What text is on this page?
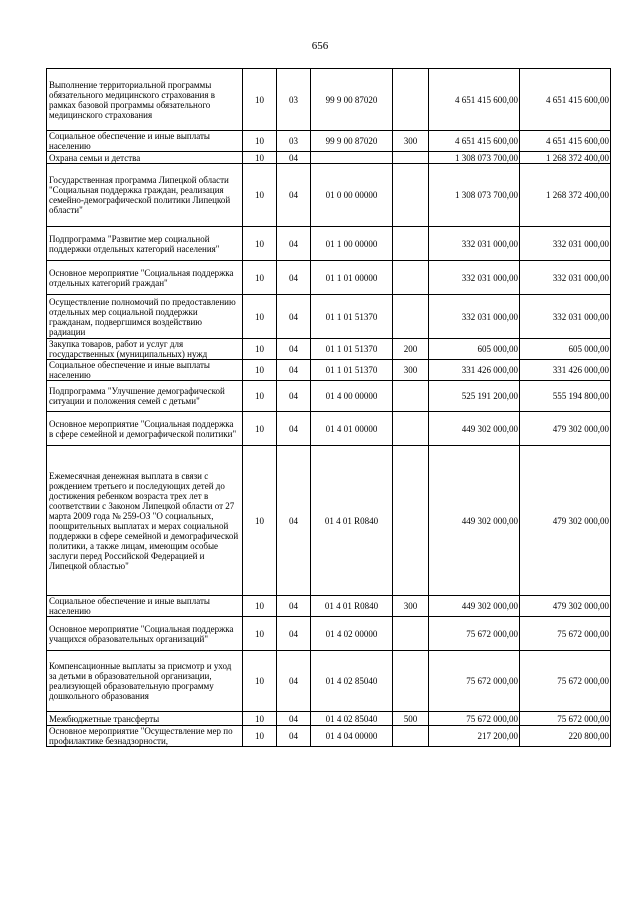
656
Выполнение территориальной программы обязательного медицинского страхования в рамках базовой программы обязательного медицинского страхования	10	03	99 9 00 87020		4 651 415 600,00	4 651 415 600,00
Социальное обеспечение и иные выплаты населению	10	03	99 9 00 87020	300	4 651 415 600,00	4 651 415 600,00
Охрана семьи и детства	10	04			1 308 073 700,00	1 268 372 400,00
Государственная программа Липецкой области "Социальная поддержка граждан, реализация семейно-демографической политики Липецкой области"	10	04	01 0 00 00000		1 308 073 700,00	1 268 372 400,00
Подпрограмма "Развитие мер социальной поддержки отдельных категорий населения"	10	04	01 1 00 00000		332 031 000,00	332 031 000,00
Основное мероприятие "Социальная поддержка отдельных категорий граждан"	10	04	01 1 01 00000		332 031 000,00	332 031 000,00
Осуществление полномочий по предоставлению отдельных мер социальной поддержки гражданам, подвергшимся воздействию радиации	10	04	01 1 01 51370		332 031 000,00	332 031 000,00
Закупка товаров, работ и услуг для государственных (муниципальных) нужд	10	04	01 1 01 51370	200	605 000,00	605 000,00
Социальное обеспечение и иные выплаты населению	10	04	01 1 01 51370	300	331 426 000,00	331 426 000,00
Подпрограмма "Улучшение демографической ситуации и положения семей с детьми"	10	04	01 4 00 00000		525 191 200,00	555 194 800,00
Основное мероприятие "Социальная поддержка в сфере семейной и демографической политики"	10	04	01 4 01 00000		449 302 000,00	479 302 000,00
Ежемесячная денежная выплата в связи с рождением третьего и последующих детей до достижения ребенком возраста трех лет в соответствии с Законом Липецкой области от 27 марта 2009 года № 259-ОЗ "О социальных, поощрительных выплатах и мерах социальной поддержки в сфере семейной и демографической политики, а также лицам, имеющим особые заслуги перед Российской Федерацией и Липецкой областью"	10	04	01 4 01 R0840		449 302 000,00	479 302 000,00
Социальное обеспечение и иные выплаты населению	10	04	01 4 01 R0840	300	449 302 000,00	479 302 000,00
Основное мероприятие "Социальная поддержка учащихся образовательных организаций"	10	04	01 4 02 00000		75 672 000,00	75 672 000,00
Компенсационные выплаты за присмотр и уход за детьми в образовательной организации, реализующей образовательную программу дошкольного образования	10	04	01 4 02 85040		75 672 000,00	75 672 000,00
Межбюджетные трансферты	10	04	01 4 02 85040	500	75 672 000,00	75 672 000,00
Основное мероприятие "Осуществление мер по профилактике безнадзорности,	10	04	01 4 04 00000		217 200,00	220 800,00
